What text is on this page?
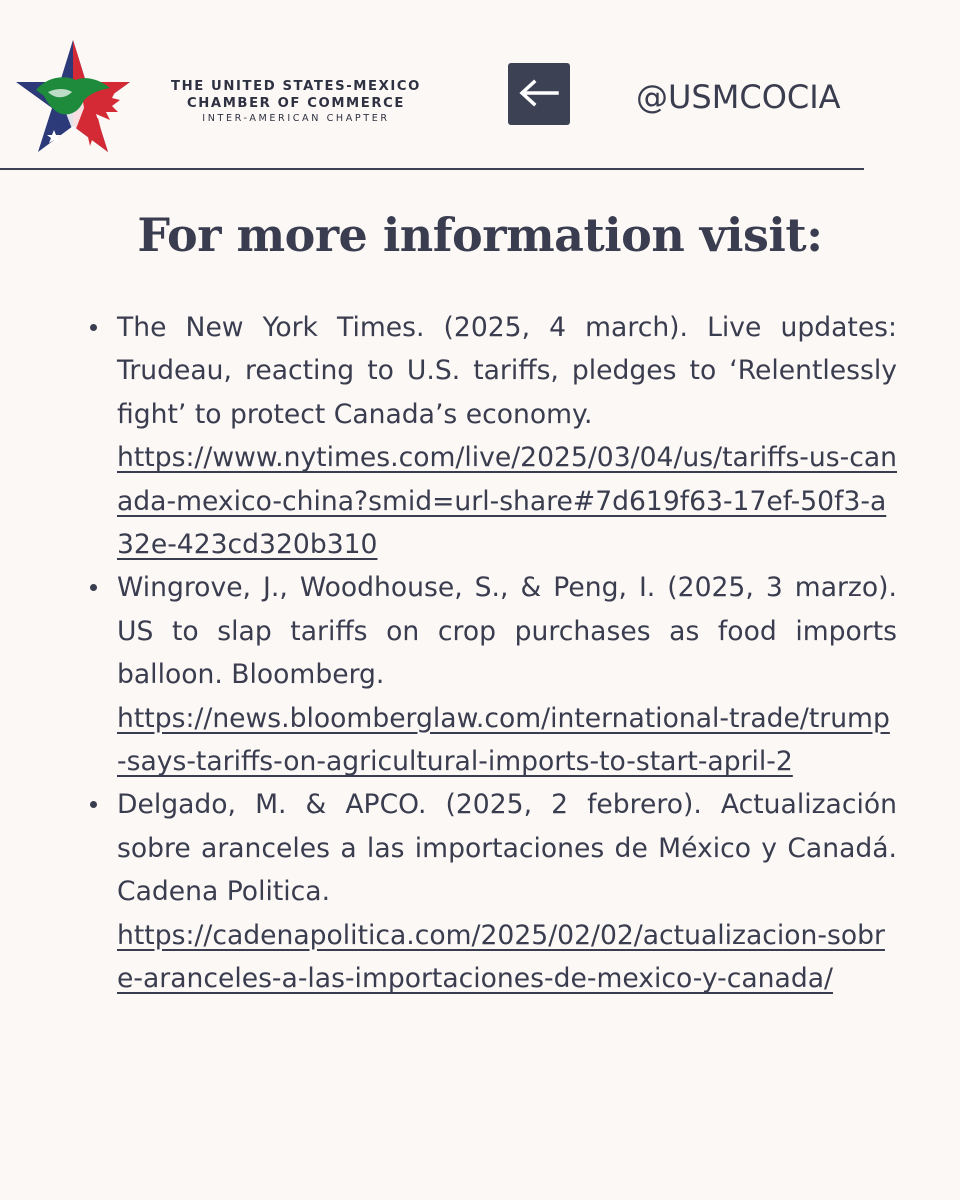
THE UNITED STATES-MEXICO
CHAMBER OF COMMERCE
INTER-AMERICAN CHAPTER
@USMCOCIA
For more information visit:
The New York Times. (2025, 4 march). Live updates: Trudeau, reacting to U.S. tariffs, pledges to ‘Relentlessly fight’ to protect Canada’s economy.
https://www.nytimes.com/live/2025/03/04/us/tariffs-us-canada-mexico-china?smid=url-share#7d619f63-17ef-50f3-a32e-423cd320b310
Wingrove, J., Woodhouse, S., & Peng, I. (2025, 3 marzo). US to slap tariffs on crop purchases as food imports balloon. Bloomberg.
https://news.bloomberglaw.com/international-trade/trump-says-tariffs-on-agricultural-imports-to-start-april-2
Delgado, M. & APCO. (2025, 2 febrero). Actualización sobre aranceles a las importaciones de México y Canadá. Cadena Politica.
https://cadenapolitica.com/2025/02/02/actualizacion-sobre-aranceles-a-las-importaciones-de-mexico-y-canada/
